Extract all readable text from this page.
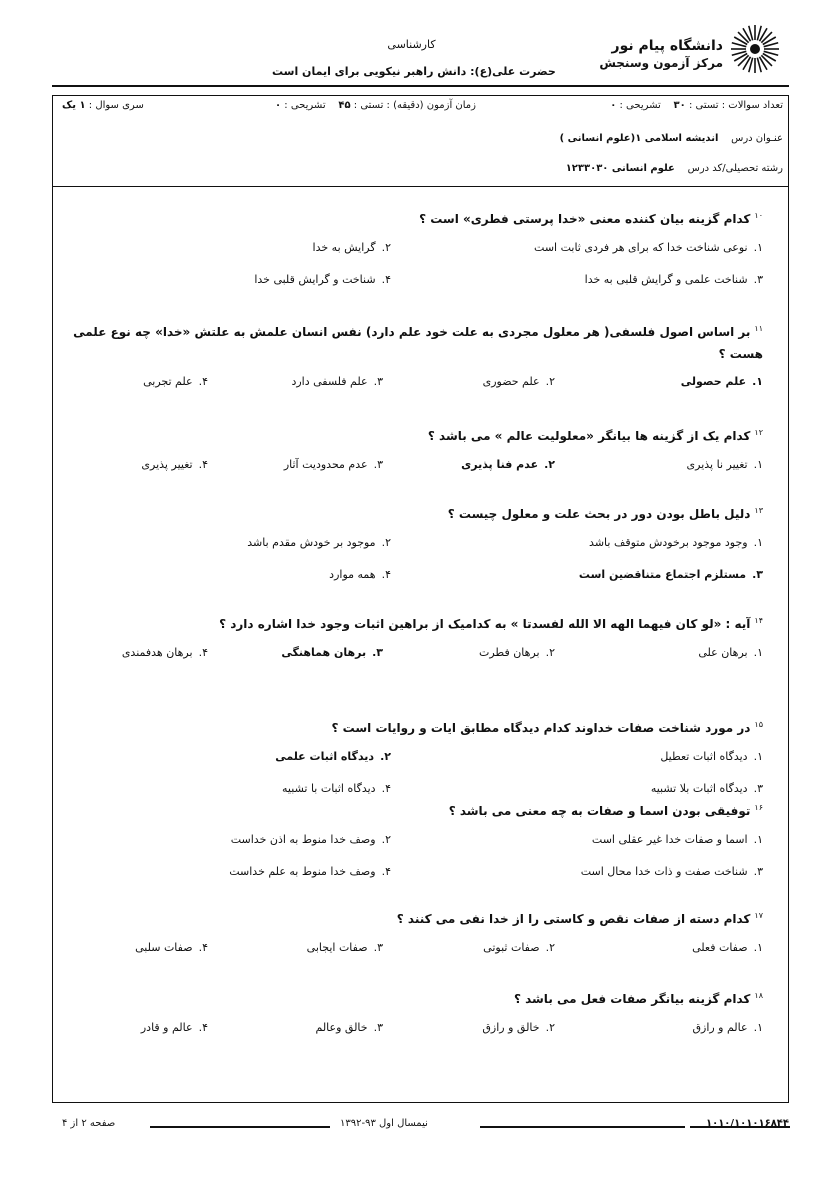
کارشناسی
حضرت علی(ع): دانش راهبر نیکویی برای ایمان است
دانشگاه پیام نور
مرکز آزمون وسنجش
تعداد سوالات : تستی : ۳۰    تشریحی : ۰
زمان آزمون (دقیقه) : تستی : ۴۵    تشریحی : ۰
سری سوال : ۱ یک
عنـوان درس    اندیشه اسلامی ۱(علوم انسانی )
رشته تحصیلی/کد درس    علوم انسانی ۱۲۳۳۰۳۰
$^{۱۰}$کدام گزینه بیان کننده معنی «خدا پرستی فطری» است ؟
۱.نوعی شناخت خدا که برای هر فردی ثابت است
۲.گرایش به خدا
۳.شناخت علمی و گرایش قلبی به خدا
۴.شناخت و گرایش قلبی خدا
$^{۱۱}$بر اساس اصول فلسفی( هر معلول مجردی به علت خود علم دارد) نفس انسان علمش به علتش «خدا» چه نوع علمی هست ؟
۱.علم حصولی
۲.علم حضوری
۳.علم فلسفی دارد
۴.علم تجربی
$^{۱۲}$کدام یک از گزینه ها بیانگر «معلولیت عالم » می باشد ؟
۱.تغییر نا پذیری
۲.عدم فنا پذیری
۳.عدم محدودیت آثار
۴.تغییر پذیری
$^{۱۳}$دلیل باطل بودن دور در بحث علت و معلول چیست ؟
۱.وجود موجود برخودش متوقف باشد
۲.موجود بر خودش مقدم باشد
۳.مستلزم اجتماع متناقضین است
۴.همه موارد
$^{۱۴}$آیه : «لو کان فیهما الهه الا الله لفسدتا » به کدامیک از براهین اثبات وجود خدا اشاره دارد ؟
۱.برهان علی
۲.برهان فطرت
۳.برهان هماهنگی
۴.برهان هدفمندی
$^{۱۵}$در مورد شناخت صفات خداوند کدام دیدگاه مطابق ایات و روایات است ؟
۱.دیدگاه اثبات تعطیل
۲.دیدگاه اثبات علمی
۳.دیدگاه اثبات بلا تشبیه
۴.دیدگاه اثبات با تشبیه
$^{۱۶}$توفیقی بودن اسما و صفات به چه معنی می باشد ؟
۱.اسما و صفات خدا غیر عقلی است
۲.وصف خدا منوط به اذن خداست
۳.شناخت صفت و ذات خدا محال است
۴.وصف خدا منوط به علم خداست
$^{۱۷}$کدام دسته از صفات نقص و کاستی را از خدا نفی می کنند ؟
۱.صفات فعلی
۲.صفات ثبوتی
۳.صفات ایجابی
۴.صفات سلبی
$^{۱۸}$کدام گزینه بیانگر صفات فعل می باشد ؟
۱.عالم و رازق
۲.خالق و رازق
۳.خالق وعالم
۴.عالم و قادر
۱۰۱۰/۱۰۱۰۱۶۸۴۴
نیمسال اول ۹۳-۱۳۹۲
صفحه ۲ از ۴
